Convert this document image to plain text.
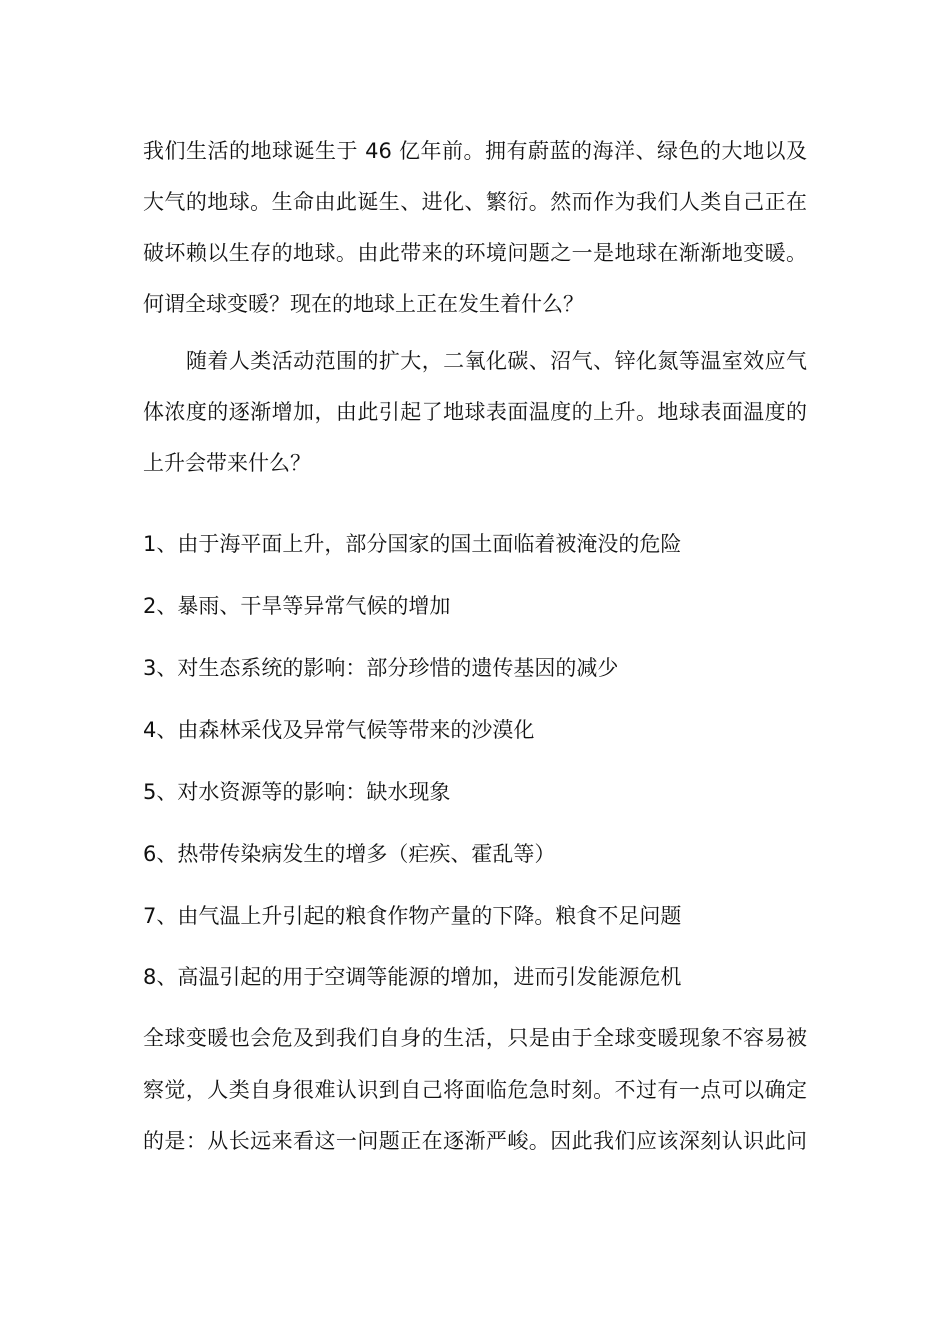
我们生活的地球诞生于 46 亿年前。拥有蔚蓝的海洋、绿色的大地以及
大气的地球。生命由此诞生、进化、繁衍。然而作为我们人类自己正在
破坏赖以生存的地球。由此带来的环境问题之一是地球在渐渐地变暖。
何谓全球变暖？现在的地球上正在发生着什么？
随着人类活动范围的扩大，二氧化碳、沼气、锌化氮等温室效应气
体浓度的逐渐增加，由此引起了地球表面温度的上升。地球表面温度的
上升会带来什么？
1、由于海平面上升，部分国家的国土面临着被淹没的危险
2、暴雨、干旱等异常气候的增加
3、对生态系统的影响：部分珍惜的遗传基因的减少
4、由森林采伐及异常气候等带来的沙漠化
5、对水资源等的影响：缺水现象
6、热带传染病发生的增多（疟疾、霍乱等）
7、由气温上升引起的粮食作物产量的下降。粮食不足问题
8、高温引起的用于空调等能源的增加，进而引发能源危机
全球变暖也会危及到我们自身的生活，只是由于全球变暖现象不容易被
察觉，人类自身很难认识到自己将面临危急时刻。不过有一点可以确定
的是：从长远来看这一问题正在逐渐严峻。因此我们应该深刻认识此问
